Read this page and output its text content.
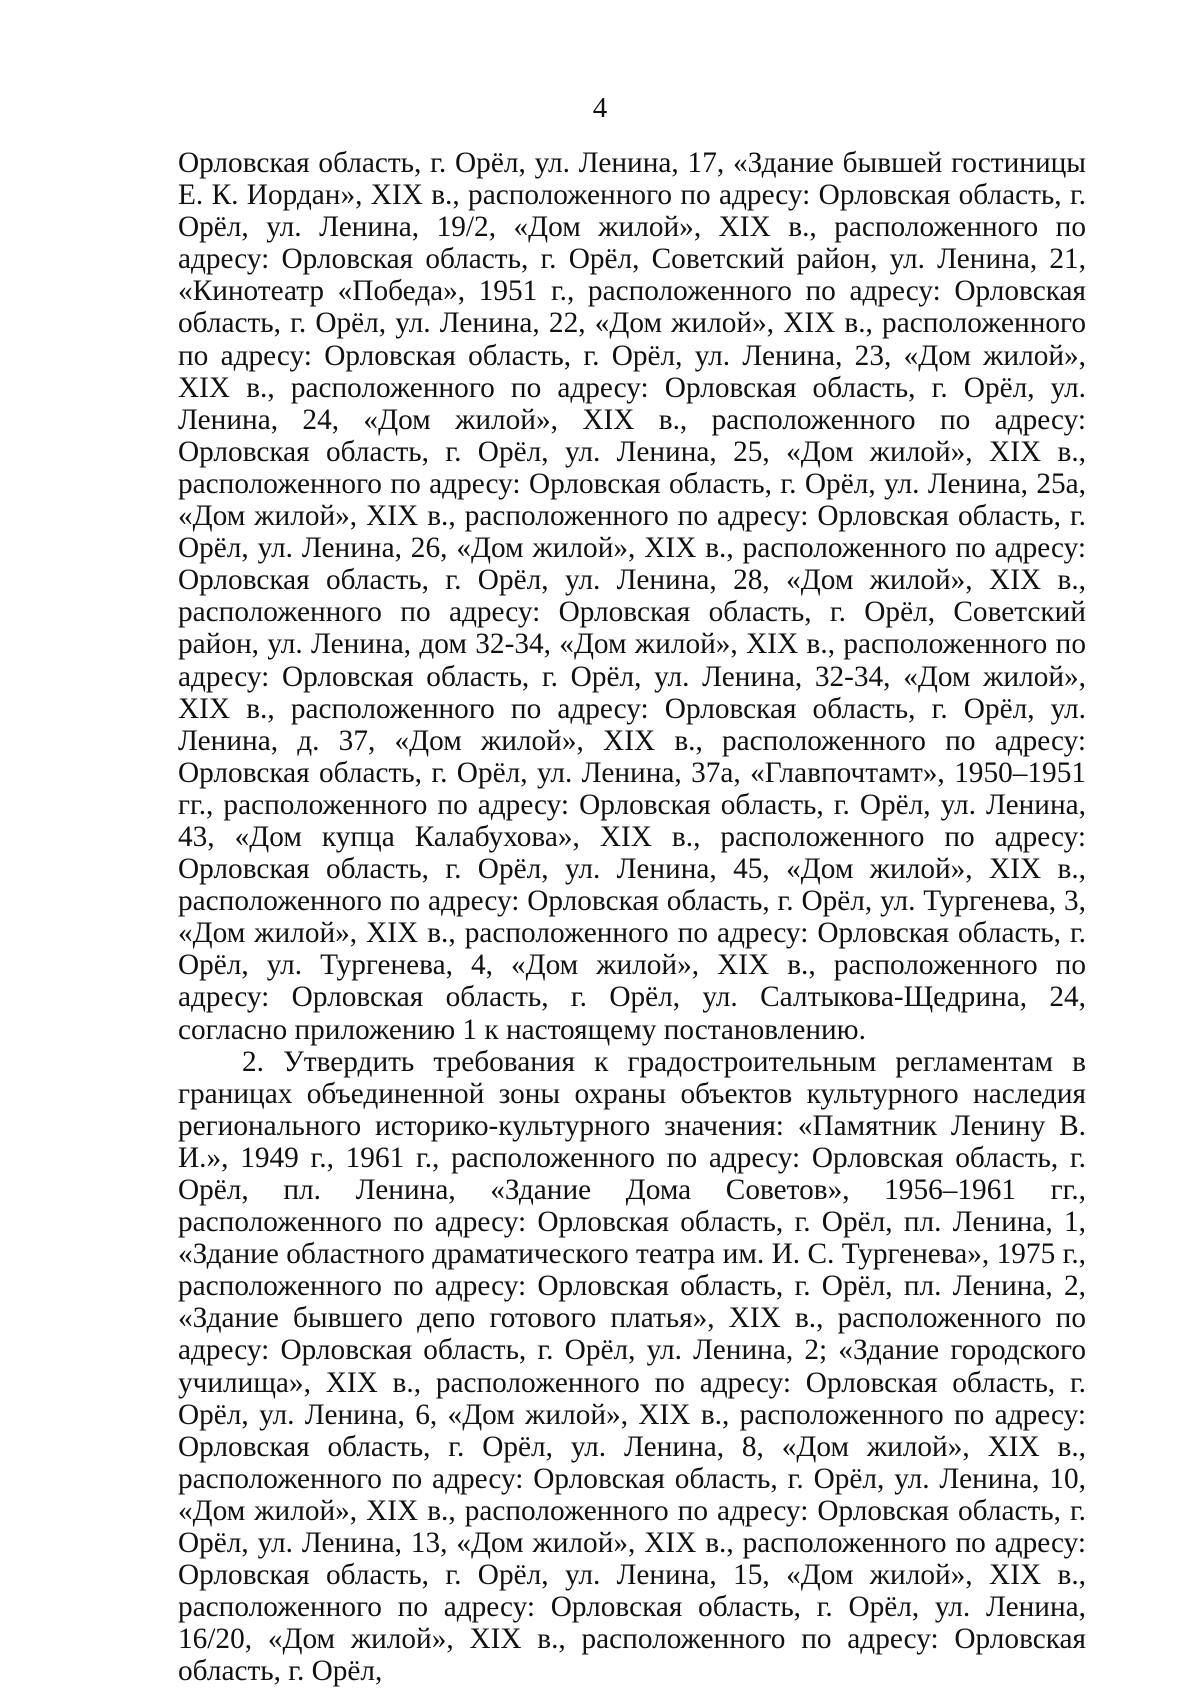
4

Орловская область, г. Орёл, ул. Ленина, 17, «Здание бывшей гостиницы Е. К. Иордан», XIX в., расположенного по адресу: Орловская область, г. Орёл, ул. Ленина, 19/2, «Дом жилой», XIX в., расположенного по адресу: Орловская область, г. Орёл, Советский район, ул. Ленина, 21, «Кинотеатр «Победа», 1951 г., расположенного по адресу: Орловская область, г. Орёл, ул. Ленина, 22, «Дом жилой», XIX в., расположенного по адресу: Орловская область, г. Орёл, ул. Ленина, 23, «Дом жилой», XIX в., расположенного по адресу: Орловская область, г. Орёл, ул. Ленина, 24, «Дом жилой», XIX в., расположенного по адресу: Орловская область, г. Орёл, ул. Ленина, 25, «Дом жилой», XIX в., расположенного по адресу: Орловская область, г. Орёл, ул. Ленина, 25а, «Дом жилой», XIX в., расположенного по адресу: Орловская область, г. Орёл, ул. Ленина, 26, «Дом жилой», XIX в., расположенного по адресу: Орловская область, г. Орёл, ул. Ленина, 28, «Дом жилой», XIX в., расположенного по адресу: Орловская область, г. Орёл, Советский район, ул. Ленина, дом 32-34, «Дом жилой», XIX в., расположенного по адресу: Орловская область, г. Орёл, ул. Ленина, 32-34, «Дом жилой», XIX в., расположенного по адресу: Орловская область, г. Орёл, ул. Ленина, д. 37, «Дом жилой», XIX в., расположенного по адресу: Орловская область, г. Орёл, ул. Ленина, 37а, «Главпочтамт», 1950–1951 гг., расположенного по адресу: Орловская область, г. Орёл, ул. Ленина, 43, «Дом купца Калабухова», XIX в., расположенного по адресу: Орловская область, г. Орёл, ул. Ленина, 45, «Дом жилой», XIX в., расположенного по адресу: Орловская область, г. Орёл, ул. Тургенева, 3, «Дом жилой», XIX в., расположенного по адресу: Орловская область, г. Орёл, ул. Тургенева, 4, «Дом жилой», XIX в., расположенного по адресу: Орловская область, г. Орёл, ул. Салтыкова-Щедрина, 24, согласно приложению 1 к настоящему постановлению.

2. Утвердить требования к градостроительным регламентам в границах объединенной зоны охраны объектов культурного наследия регионального историко-культурного значения: «Памятник Ленину В. И.», 1949 г., 1961 г., расположенного по адресу: Орловская область, г. Орёл, пл. Ленина, «Здание Дома Советов», 1956–1961 гг., расположенного по адресу: Орловская область, г. Орёл, пл. Ленина, 1, «Здание областного драматического театра им. И. С. Тургенева», 1975 г., расположенного по адресу: Орловская область, г. Орёл, пл. Ленина, 2, «Здание бывшего депо готового платья», XIX в., расположенного по адресу: Орловская область, г. Орёл, ул. Ленина, 2; «Здание городского училища», XIX в., расположенного по адресу: Орловская область, г. Орёл, ул. Ленина, 6, «Дом жилой», XIX в., расположенного по адресу: Орловская область, г. Орёл, ул. Ленина, 8, «Дом жилой», XIX в., расположенного по адресу: Орловская область, г. Орёл, ул. Ленина, 10, «Дом жилой», XIX в., расположенного по адресу: Орловская область, г. Орёл, ул. Ленина, 13, «Дом жилой», XIX в., расположенного по адресу: Орловская область, г. Орёл, ул. Ленина, 15, «Дом жилой», XIX в., расположенного по адресу: Орловская область, г. Орёл, ул. Ленина, 16/20, «Дом жилой», XIX в., расположенного по адресу: Орловская область, г. Орёл,
